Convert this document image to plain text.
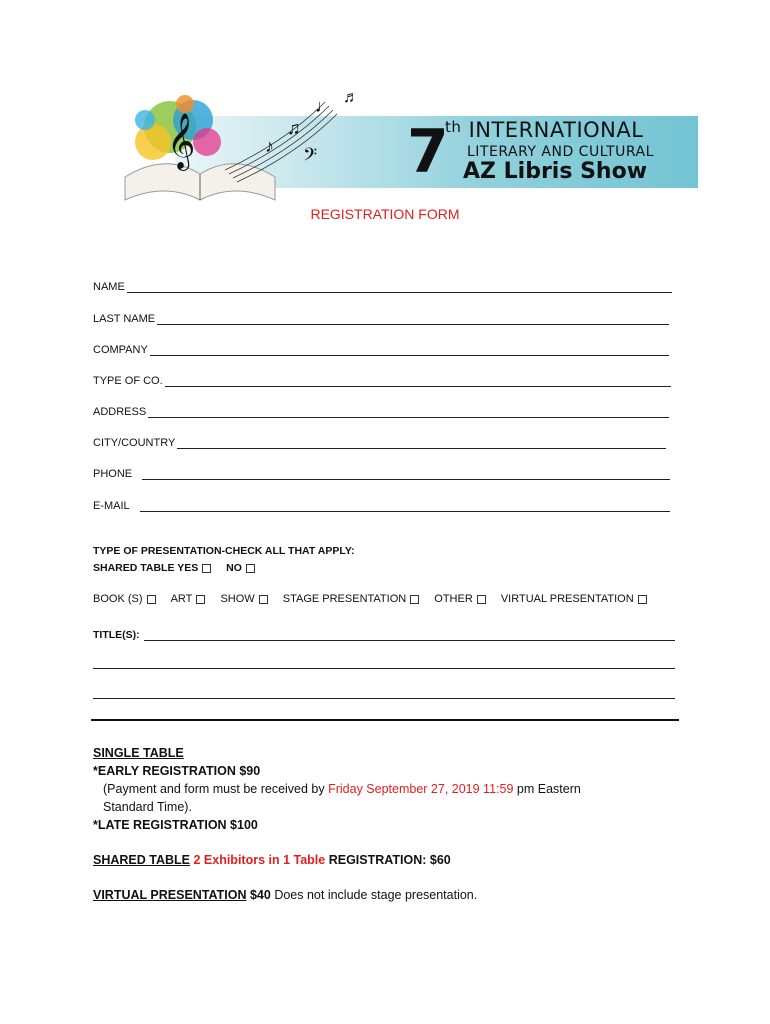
𝄞	♪
♫
♩
𝄢
♬
7
$^{th}$ INTERNATIONAL
LITERARY AND CULTURAL
AZ Libris Show
REGISTRATION FORM
NAME
LAST NAME
COMPANY
TYPE OF CO.
ADDRESS
CITY/COUNTRY
PHONE
E-MAIL
TYPE OF PRESENTATION-CHECK ALL THAT APPLY:
SHARED TABLE YES
	NO
BOOK (S)
	ART
	SHOW
	STAGE PRESENTATION
	OTHER
	VIRTUAL PRESENTATION
TITLE(S):
SINGLE TABLE
*EARLY REGISTRATION $90
(Payment and form must be received by Friday September 27, 2019 11:59 pm Eastern
Standard Time).
*LATE REGISTRATION $100
SHARED TABLE 2 Exhibitors in 1 Table REGISTRATION: $60
VIRTUAL PRESENTATION $40 Does not include stage presentation.
